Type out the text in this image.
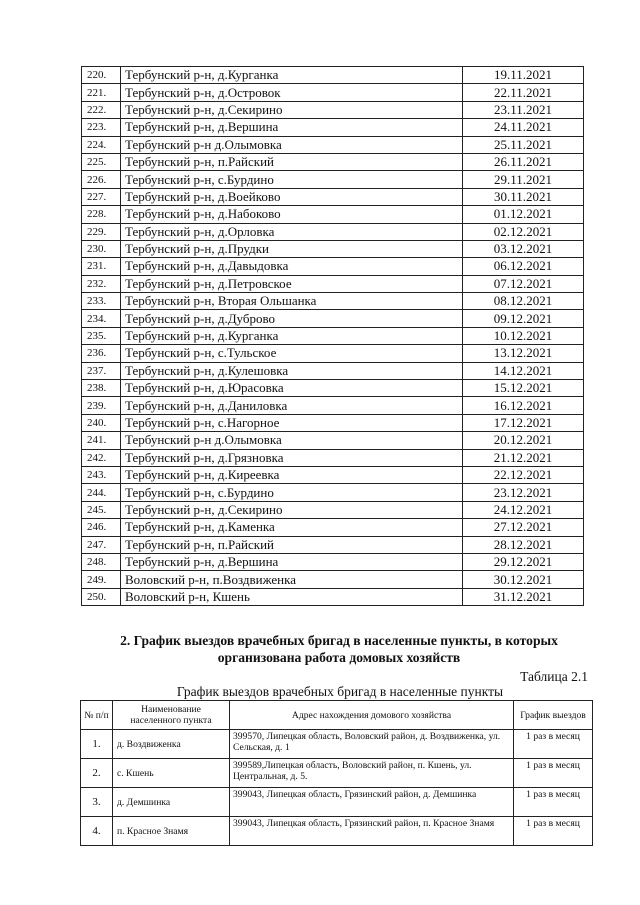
220.	Тербунский р-н, д.Курганка	19.11.2021
221.	Тербунский р-н, д.Островок	22.11.2021
222.	Тербунский р-н, д.Секирино	23.11.2021
223.	Тербунский р-н, д.Вершина	24.11.2021
224.	Тербунский р-н д.Олымовка	25.11.2021
225.	Тербунский р-н, п.Райский	26.11.2021
226.	Тербунский р-н, с.Бурдино	29.11.2021
227.	Тербунский р-н, д.Воейково	30.11.2021
228.	Тербунский р-н, д.Набоково	01.12.2021
229.	Тербунский р-н, д.Орловка	02.12.2021
230.	Тербунский р-н, д.Прудки	03.12.2021
231.	Тербунский р-н, д.Давыдовка	06.12.2021
232.	Тербунский р-н, д.Петровское	07.12.2021
233.	Тербунский р-н, Вторая Ольшанка	08.12.2021
234.	Тербунский р-н, д.Дуброво	09.12.2021
235.	Тербунский р-н, д.Курганка	10.12.2021
236.	Тербунский р-н, с.Тульское	13.12.2021
237.	Тербунский р-н, д.Кулешовка	14.12.2021
238.	Тербунский р-н, д.Юрасовка	15.12.2021
239.	Тербунский р-н, д.Даниловка	16.12.2021
240.	Тербунский р-н, с.Нагорное	17.12.2021
241.	Тербунский р-н д.Олымовка	20.12.2021
242.	Тербунский р-н, д.Грязновка	21.12.2021
243.	Тербунский р-н, д.Киреевка	22.12.2021
244.	Тербунский р-н, с.Бурдино	23.12.2021
245.	Тербунский р-н, д.Секирино	24.12.2021
246.	Тербунский р-н, д.Каменка	27.12.2021
247.	Тербунский р-н, п.Райский	28.12.2021
248.	Тербунский р-н, д.Вершина	29.12.2021
249.	Воловский р-н, п.Воздвиженка	30.12.2021
250.	Воловский р-н, Кшень	31.12.2021
2. График выездов врачебных бригад в населенные пункты, в которых организована работа домовых хозяйств
Таблица 2.1
График выездов врачебных бригад в населенные пункты
№ п/п	Наименование населенного пункта	Адрес нахождения домового хозяйства	График выездов
1.	д. Воздвиженка	399570, Липецкая область, Воловский район, д. Воздвиженка, ул. Сельская, д. 1	1 раз в месяц
2.	с. Кшень	399589,Липецкая область, Воловский район, п. Кшень, ул. Центральная, д. 5.	1 раз в месяц
3.	д. Демшинка	399043, Липецкая область, Грязинский район, д. Демшинка	1 раз в месяц
4.	п. Красное Знамя	399043, Липецкая область, Грязинский район, п. Красное Знамя	1 раз в месяц
